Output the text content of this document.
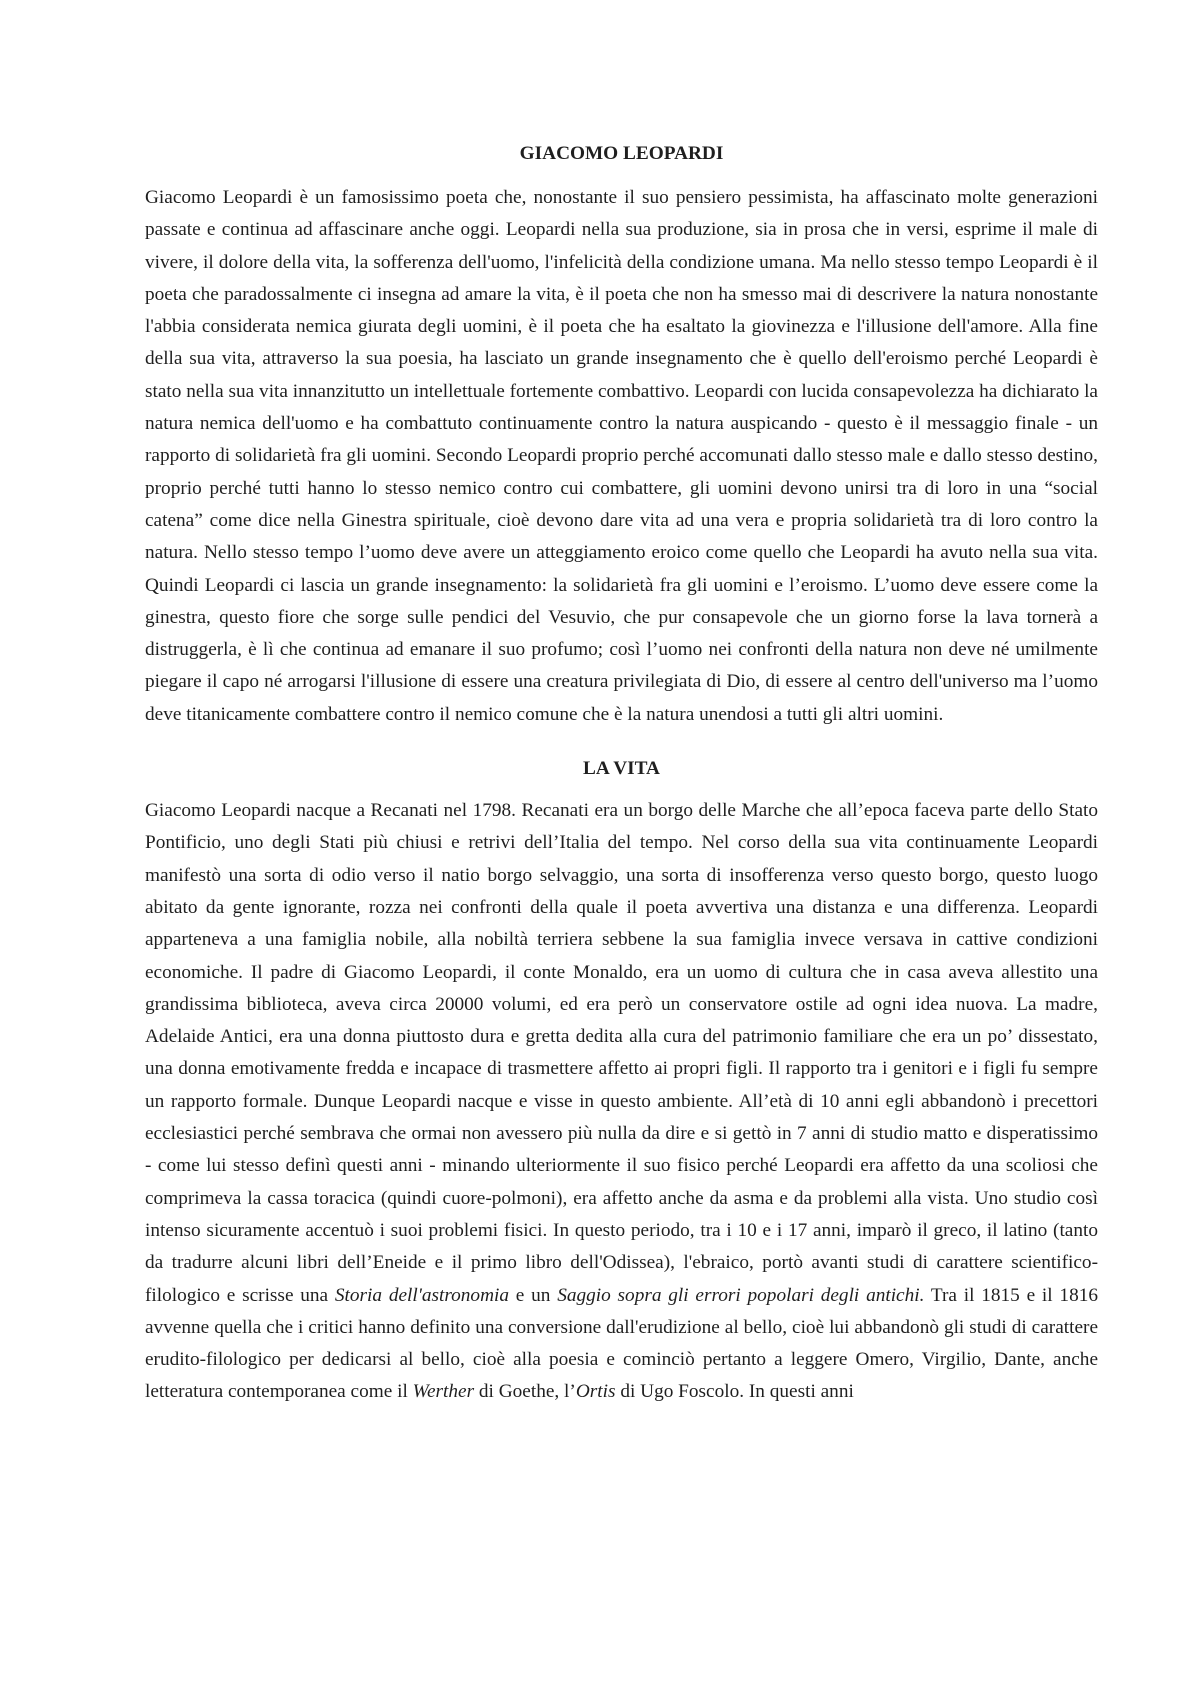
GIACOMO LEOPARDI

Giacomo Leopardi è un famosissimo poeta che, nonostante il suo pensiero pessimista, ha affascinato molte generazioni passate e continua ad affascinare anche oggi. Leopardi nella sua produzione, sia in prosa che in versi, esprime il male di vivere, il dolore della vita, la sofferenza dell'uomo, l'infelicità della condizione umana. Ma nello stesso tempo Leopardi è il poeta che paradossalmente ci insegna ad amare la vita, è il poeta che non ha smesso mai di descrivere la natura nonostante l'abbia considerata nemica giurata degli uomini, è il poeta che ha esaltato la giovinezza e l'illusione dell'amore. Alla fine della sua vita, attraverso la sua poesia, ha lasciato un grande insegnamento che è quello dell'eroismo perché Leopardi è stato nella sua vita innanzitutto un intellettuale fortemente combattivo. Leopardi con lucida consapevolezza ha dichiarato la natura nemica dell'uomo e ha combattuto continuamente contro la natura auspicando - questo è il messaggio finale - un rapporto di solidarietà fra gli uomini. Secondo Leopardi proprio perché accomunati dallo stesso male e dallo stesso destino, proprio perché tutti hanno lo stesso nemico contro cui combattere, gli uomini devono unirsi tra di loro in una “social catena” come dice nella Ginestra spirituale, cioè devono dare vita ad una vera e propria solidarietà tra di loro contro la natura. Nello stesso tempo l’uomo deve avere un atteggiamento eroico come quello che Leopardi ha avuto nella sua vita. Quindi Leopardi ci lascia un grande insegnamento: la solidarietà fra gli uomini e l’eroismo. L’uomo deve essere come la ginestra, questo fiore che sorge sulle pendici del Vesuvio, che pur consapevole che un giorno forse la lava tornerà a distruggerla, è lì che continua ad emanare il suo profumo; così l’uomo nei confronti della natura non deve né umilmente piegare il capo né arrogarsi l'illusione di essere una creatura privilegiata di Dio, di essere al centro dell'universo ma l’uomo deve titanicamente combattere contro il nemico comune che è la natura unendosi a tutti gli altri uomini.

LA VITA

Giacomo Leopardi nacque a Recanati nel 1798. Recanati era un borgo delle Marche che all’epoca faceva parte dello Stato Pontificio, uno degli Stati più chiusi e retrivi dell’Italia del tempo. Nel corso della sua vita continuamente Leopardi manifestò una sorta di odio verso il natio borgo selvaggio, una sorta di insofferenza verso questo borgo, questo luogo abitato da gente ignorante, rozza nei confronti della quale il poeta avvertiva una distanza e una differenza. Leopardi apparteneva a una famiglia nobile, alla nobiltà terriera sebbene la sua famiglia invece versava in cattive condizioni economiche. Il padre di Giacomo Leopardi, il conte Monaldo, era un uomo di cultura che in casa aveva allestito una grandissima biblioteca, aveva circa 20000 volumi, ed era però un conservatore ostile ad ogni idea nuova. La madre, Adelaide Antici, era una donna piuttosto dura e gretta dedita alla cura del patrimonio familiare che era un po’ dissestato, una donna emotivamente fredda e incapace di trasmettere affetto ai propri figli. Il rapporto tra i genitori e i figli fu sempre un rapporto formale. Dunque Leopardi nacque e visse in questo ambiente. All’età di 10 anni egli abbandonò i precettori ecclesiastici perché sembrava che ormai non avessero più nulla da dire e si gettò in 7 anni di studio matto e disperatissimo - come lui stesso definì questi anni - minando ulteriormente il suo fisico perché Leopardi era affetto da una scoliosi che comprimeva la cassa toracica (quindi cuore-polmoni), era affetto anche da asma e da problemi alla vista. Uno studio così intenso sicuramente accentuò i suoi problemi fisici. In questo periodo, tra i 10 e i 17 anni, imparò il greco, il latino (tanto da tradurre alcuni libri dell’Eneide e il primo libro dell'Odissea), l'ebraico, portò avanti studi di carattere scientifico-filologico e scrisse una Storia dell'astronomia e un Saggio sopra gli errori popolari degli antichi. Tra il 1815 e il 1816 avvenne quella che i critici hanno definito una conversione dall'erudizione al bello, cioè lui abbandonò gli studi di carattere erudito-filologico per dedicarsi al bello, cioè alla poesia e cominciò pertanto a leggere Omero, Virgilio, Dante, anche letteratura contemporanea come il Werther di Goethe, l’Ortis di Ugo Foscolo. In questi anni
